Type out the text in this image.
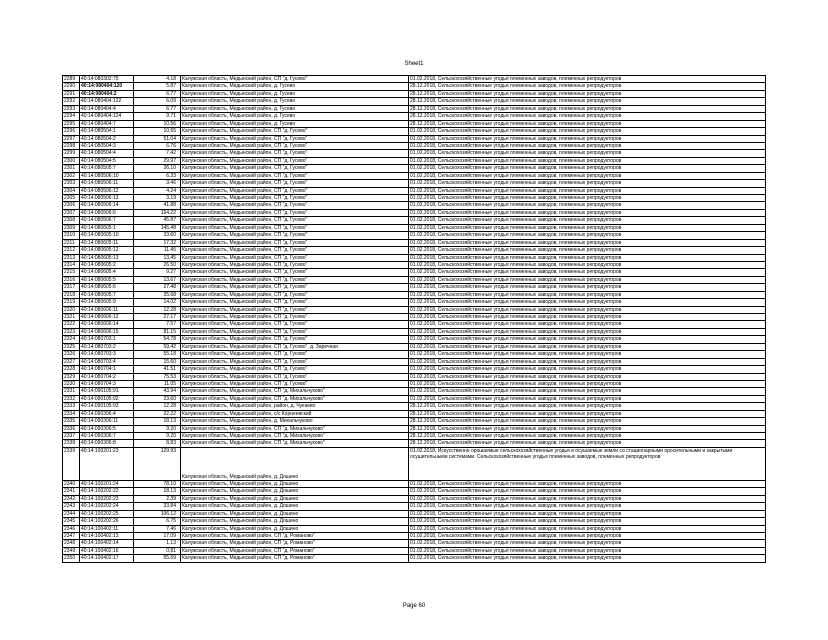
Sheet1
2289	40:14:080302:75	4.18	Калужская область, Медынский район, СП "д. Гусево"	01.02.2018, Сельскохозяйственные угодья племенных заводов, племенных репродукторов
2290	40:14:080404:120	5.87	Калужская область, Медынский район, д. Гусево	28.12.2018, Сельскохозяйственные угодья племенных заводов, племенных репродукторов
2291	40:14:080404:2	6.77	Калужская область, Медынский район, д. Гусево	28.12.2018, Сельскохозяйственные угодья племенных заводов, племенных репродукторов
2292	40:14:080404:122	6.09	Калужская область, Медынский район, д. Гусево	28.12.2018, Сельскохозяйственные угодья племенных заводов, племенных репродукторов
2293	40:14:080404:4	6.77	Калужская область, Медынский район, д. Гусево	28.12.2018, Сельскохозяйственные угодья племенных заводов, племенных репродукторов
2294	40:14:080404:124	9.71	Калужская область, Медынский район, д. Гусево	28.12.2018, Сельскохозяйственные угодья племенных заводов, племенных репродукторов
2295	40:14:080404:7	10.56	Калужская область, Медынский район, д. Гусево	28.12.2018, Сельскохозяйственные угодья племенных заводов, племенных репродукторов
2296	40:14:080504:1	10.65	Калужская область, Медынский район, СП "д. Гусево"	01.02.2018, Сельскохозяйственные угодья племенных заводов, племенных репродукторов
2297	40:14:080504:2	51.04	Калужская область, Медынский район, СП "д. Гусево"	01.02.2018, Сельскохозяйственные угодья племенных заводов, племенных репродукторов
2298	40:14:080504:3	6.76	Калужская область, Медынский район, СП "д. Гусево"	01.02.2018, Сельскохозяйственные угодья племенных заводов, племенных репродукторов
2299	40:14:080504:4	7.42	Калужская область, Медынский район, СП "д. Гусево"	01.02.2018, Сельскохозяйственные угодья племенных заводов, племенных репродукторов
2300	40:14:080504:5	29.97	Калужская область, Медынский район, СП "д. Гусево"	01.02.2018, Сельскохозяйственные угодья племенных заводов, племенных репродукторов
2301	40:14:080505:7	26.10	Калужская область, Медынский район, СП "д. Гусево"	01.02.2018, Сельскохозяйственные угодья племенных заводов, племенных репродукторов
2302	40:14:080506:10	6.33	Калужская область, Медынский район, СП "д. Гусево"	01.02.2018, Сельскохозяйственные угодья племенных заводов, племенных репродукторов
2303	40:14:080506:11	3.46	Калужская область, Медынский район, СП "д. Гусево"	01.02.2018, Сельскохозяйственные угодья племенных заводов, племенных репродукторов
2304	40:14:080506:12	4.24	Калужская область, Медынский район, СП "д. Гусево"	01.02.2018, Сельскохозяйственные угодья племенных заводов, племенных репродукторов
2305	40:14:080506:13	3.19	Калужская область, Медынский район, СП "д. Гусево"	01.02.2018, Сельскохозяйственные угодья племенных заводов, племенных репродукторов
2306	40:14:080506:14	41.88	Калужская область, Медынский район, СП "д. Гусево"	01.02.2018, Сельскохозяйственные угодья племенных заводов, племенных репродукторов
2307	40:14:080506:6	164.22	Калужская область, Медынский район, СП "д. Гусево"	01.02.2018, Сельскохозяйственные угодья племенных заводов, племенных репродукторов
2308	40:14:080506:7	45.87	Калужская область, Медынский район, СП "д. Гусево"	01.02.2018, Сельскохозяйственные угодья племенных заводов, племенных репродукторов
2309	40:14:080605:1	145.48	Калужская область, Медынский район, СП "д. Гусево"	01.02.2018, Сельскохозяйственные угодья племенных заводов, племенных репродукторов
2310	40:14:080605:10	33.60	Калужская область, Медынский район, СП "д. Гусево"	01.02.2018, Сельскохозяйственные угодья племенных заводов, племенных репродукторов
2311	40:14:080605:11	17.32	Калужская область, Медынский район, СП "д. Гусево"	01.02.2018, Сельскохозяйственные угодья племенных заводов, племенных репродукторов
2312	40:14:080605:12	11.45	Калужская область, Медынский район, СП "д. Гусево"	01.02.2018, Сельскохозяйственные угодья племенных заводов, племенных репродукторов
2313	40:14:080605:13	13.45	Калужская область, Медынский район, СП "д. Гусево"	01.02.2018, Сельскохозяйственные угодья племенных заводов, племенных репродукторов
2314	40:14:080605:2	26.50	Калужская область, Медынский район, СП "д. Гусево"	01.02.2018, Сельскохозяйственные угодья племенных заводов, племенных репродукторов
2315	40:14:080605:4	9.27	Калужская область, Медынский район, СП "д. Гусево"	01.02.2018, Сельскохозяйственные угодья племенных заводов, племенных репродукторов
2316	40:14:080605:5	13.67	Калужская область, Медынский район, СП "д. Гусево"	01.02.2018, Сельскохозяйственные угодья племенных заводов, племенных репродукторов
2317	40:14:080605:6	27.48	Калужская область, Медынский район, СП "д. Гусево"	01.02.2018, Сельскохозяйственные угодья племенных заводов, племенных репродукторов
2318	40:14:080605:7	35.68	Калужская область, Медынский район, СП "д. Гусево"	01.02.2018, Сельскохозяйственные угодья племенных заводов, племенных репродукторов
2319	40:14:080605:9	14.02	Калужская область, Медынский район, СП "д. Гусево"	01.02.2018, Сельскохозяйственные угодья племенных заводов, племенных репродукторов
2320	40:14:080606:11	12.28	Калужская область, Медынский район, СП "д. Гусево"	01.02.2018, Сельскохозяйственные угодья племенных заводов, племенных репродукторов
2321	40:14:080606:12	27.17	Калужская область, Медынский район, СП "д. Гусево"	01.02.2018, Сельскохозяйственные угодья племенных заводов, племенных репродукторов
2322	40:14:080606:14	7.57	Калужская область, Медынский район, СП "д. Гусево"	01.02.2018, Сельскохозяйственные угодья племенных заводов, племенных репродукторов
2323	40:14:080606:15	81.15	Калужская область, Медынский район, СП "д. Гусево"	01.02.2018, Сельскохозяйственные угодья племенных заводов, племенных репродукторов
2324	40:14:080703:1	54.78	Калужская область, Медынский район, СП "д. Гусево"	01.02.2018, Сельскохозяйственные угодья племенных заводов, племенных репродукторов
2325	40:14:080703:2	59.42	Калужская область, Медынский район, СП "д. Гусево", д. Заречная	01.02.2018, Сельскохозяйственные угодья племенных заводов, племенных репродукторов
2326	40:14:080703:3	55.18	Калужская область, Медынский район, СП "д. Гусево"	01.02.2018, Сельскохозяйственные угодья племенных заводов, племенных репродукторов
2327	40:14:080703:4	15.60	Калужская область, Медынский район, СП "д. Гусево"	01.02.2018, Сельскохозяйственные угодья племенных заводов, племенных репродукторов
2328	40:14:080704:1	41.51	Калужская область, Медынский район, СП "д. Гусево"	01.02.2018, Сельскохозяйственные угодья племенных заводов, племенных репродукторов
2329	40:14:080704:2	75.53	Калужская область, Медынский район, СП "д. Гусево"	01.02.2018, Сельскохозяйственные угодья племенных заводов, племенных репродукторов
2330	40:14:080704:3	11.05	Калужская область, Медынский район, СП "д. Гусево"	01.02.2018, Сельскохозяйственные угодья племенных заводов, племенных репродукторов
2331	40:14:090105:91	43.94	Калужская область, Медынский район, СП "д. Михальчуково"	01.02.2018, Сельскохозяйственные угодья племенных заводов, племенных репродукторов
2332	40:14:090105:92	23.60	Калужская область, Медынский район, СП "д. Михальчуково"	01.02.2018, Сельскохозяйственные угодья племенных заводов, племенных репродукторов
2333	40:14:090105:93	12.28	Калужская область, Медынский район, район, д. Чукаево	28.12.2018, Сельскохозяйственные угодья племенных заводов, племенных репродукторов
2334	40:14:090306:4	22.22	Калужская область, Медынский район, с/с Корнеевский	28.12.2018, Сельскохозяйственные угодья племенных заводов, племенных репродукторов
2335	40:14:090306:11	18.13	Калужская область, Медынский район, д. Михальчуково	28.12.2018, Сельскохозяйственные угодья племенных заводов, племенных репродукторов
2336	40:14:090306:5	9.20	Калужская область, Медынский район, СП "д. Михальчуково"	28.12.2018, Сельскохозяйственные угодья племенных заводов, племенных репродукторов
2337	40:14:090306:7	9.20	Калужская область, Медынский район, СП "д. Михальчуково"	28.12.2018, Сельскохозяйственные угодья племенных заводов, племенных репродукторов
2338	40:14:090306:8	8.83	Калужская область, Медынский район, СП "д. Михальчуково"	28.12.2018, Сельскохозяйственные угодья племенных заводов, племенных репродукторов
2339	40:14:100201:23	129.93	Калужская область, Медынский район, д. Дошино	01.02.2018, Искусственно орошаемые сельскохозяйственные угодья и осушаемые земли со стационарными оросительными и закрытыми осушительными системами. Сельскохозяйственные угодья племенных заводов, племенных репродукторов
2340	40:14:100201:24	78.10	Калужская область, Медынский район, д. Дошино	01.02.2018, Сельскохозяйственные угодья племенных заводов, племенных репродукторов
2341	40:14:100202:22	18.13	Калужская область, Медынский район, д. Дошино	01.02.2018, Сельскохозяйственные угодья племенных заводов, племенных репродукторов
2342	40:14:100202:23	2.39	Калужская область, Медынский район, д. Дошино	01.02.2018, Сельскохозяйственные угодья племенных заводов, племенных репродукторов
2343	40:14:100202:24	33.84	Калужская область, Медынский район, д. Дошино	01.02.2018, Сельскохозяйственные угодья племенных заводов, племенных репродукторов
2344	40:14:100202:25	106.12	Калужская область, Медынский район, д. Дошино	01.02.2018, Сельскохозяйственные угодья племенных заводов, племенных репродукторов
2345	40:14:100202:26	6.75	Калужская область, Медынский район, д. Дошино	01.02.2018, Сельскохозяйственные угодья племенных заводов, племенных репродукторов
2346	40:14:100402:11	7.46	Калужская область, Медынский район, д. Дошино	01.02.2018, Сельскохозяйственные угодья племенных заводов, племенных репродукторов
2347	40:14:100402:13	17.09	Калужская область, Медынский район, СП "д. Романово"	01.02.2018, Сельскохозяйственные угодья племенных заводов, племенных репродукторов
2348	40:14:100402:14	1.13	Калужская область, Медынский район, СП "д. Романово"	01.02.2018, Сельскохозяйственные угодья племенных заводов, племенных репродукторов
2349	40:14:100402:16	0.81	Калужская область, Медынский район, СП "д. Романово"	01.02.2018, Сельскохозяйственные угодья племенных заводов, племенных репродукторов
2350	40:14:100402:17	55.69	Калужская область, Медынский район, СП "д. Романово"	01.02.2018, Сельскохозяйственные угодья племенных заводов, племенных репродукторов
Page 60
